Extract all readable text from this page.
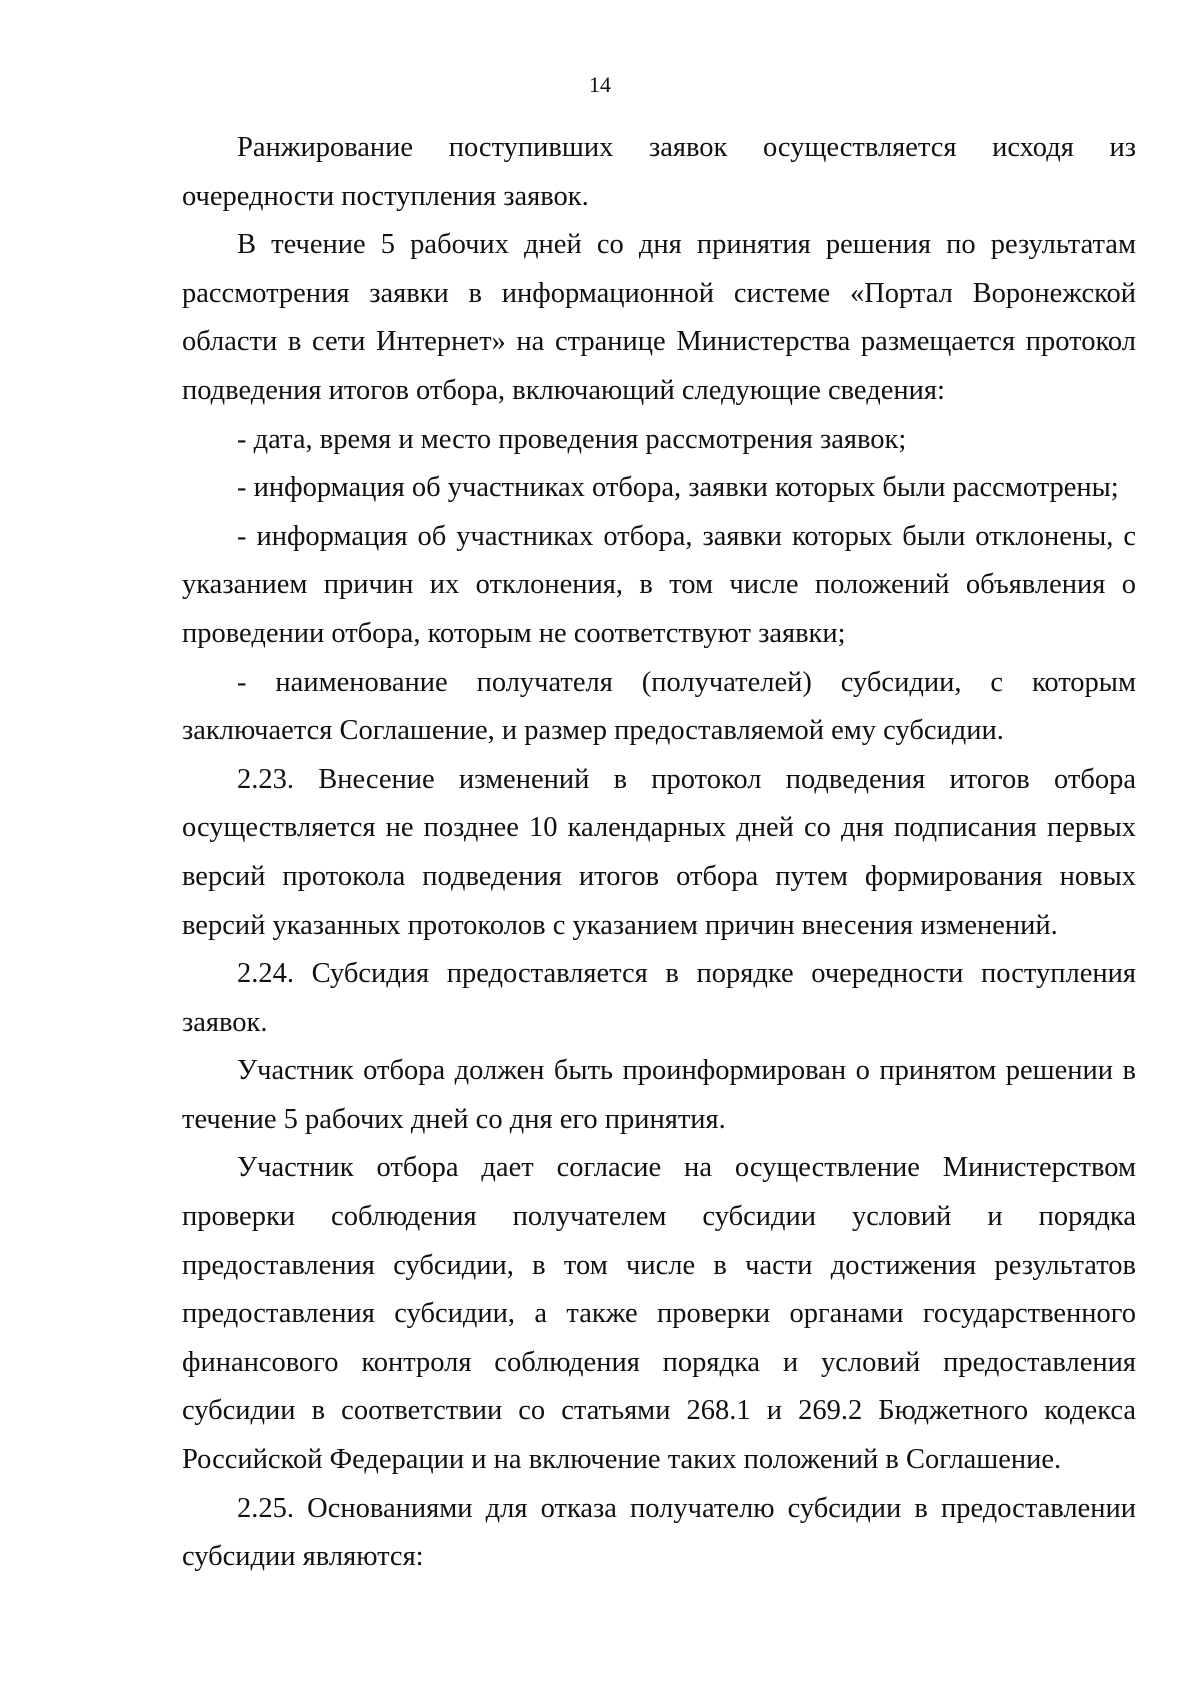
14

Ранжирование поступивших заявок осуществляется исходя из очередности поступления заявок.

В течение 5 рабочих дней со дня принятия решения по результатам рассмотрения заявки в информационной системе «Портал Воронежской области в сети Интернет» на странице Министерства размещается протокол подведения итогов отбора, включающий следующие сведения:

- дата, время и место проведения рассмотрения заявок;

- информация об участниках отбора, заявки которых были рассмотрены;

- информация об участниках отбора, заявки которых были отклонены, с указанием причин их отклонения, в том числе положений объявления о проведении отбора, которым не соответствуют заявки;

- наименование получателя (получателей) субсидии, с которым заключается Соглашение, и размер предоставляемой ему субсидии.

2.23. Внесение изменений в протокол подведения итогов отбора осуществляется не позднее 10 календарных дней со дня подписания первых версий протокола подведения итогов отбора путем формирования новых версий указанных протоколов с указанием причин внесения изменений.

2.24. Субсидия предоставляется в порядке очередности поступления заявок.

Участник отбора должен быть проинформирован о принятом решении в течение 5 рабочих дней со дня его принятия.

Участник отбора дает согласие на осуществление Министерством проверки соблюдения получателем субсидии условий и порядка предоставления субсидии, в том числе в части достижения результатов предоставления субсидии, а также проверки органами государственного финансового контроля соблюдения порядка и условий предоставления субсидии в соответствии со статьями 268.1 и 269.2 Бюджетного кодекса Российской Федерации и на включение таких положений в Соглашение.

2.25. Основаниями для отказа получателю субсидии в предоставлении субсидии являются:
